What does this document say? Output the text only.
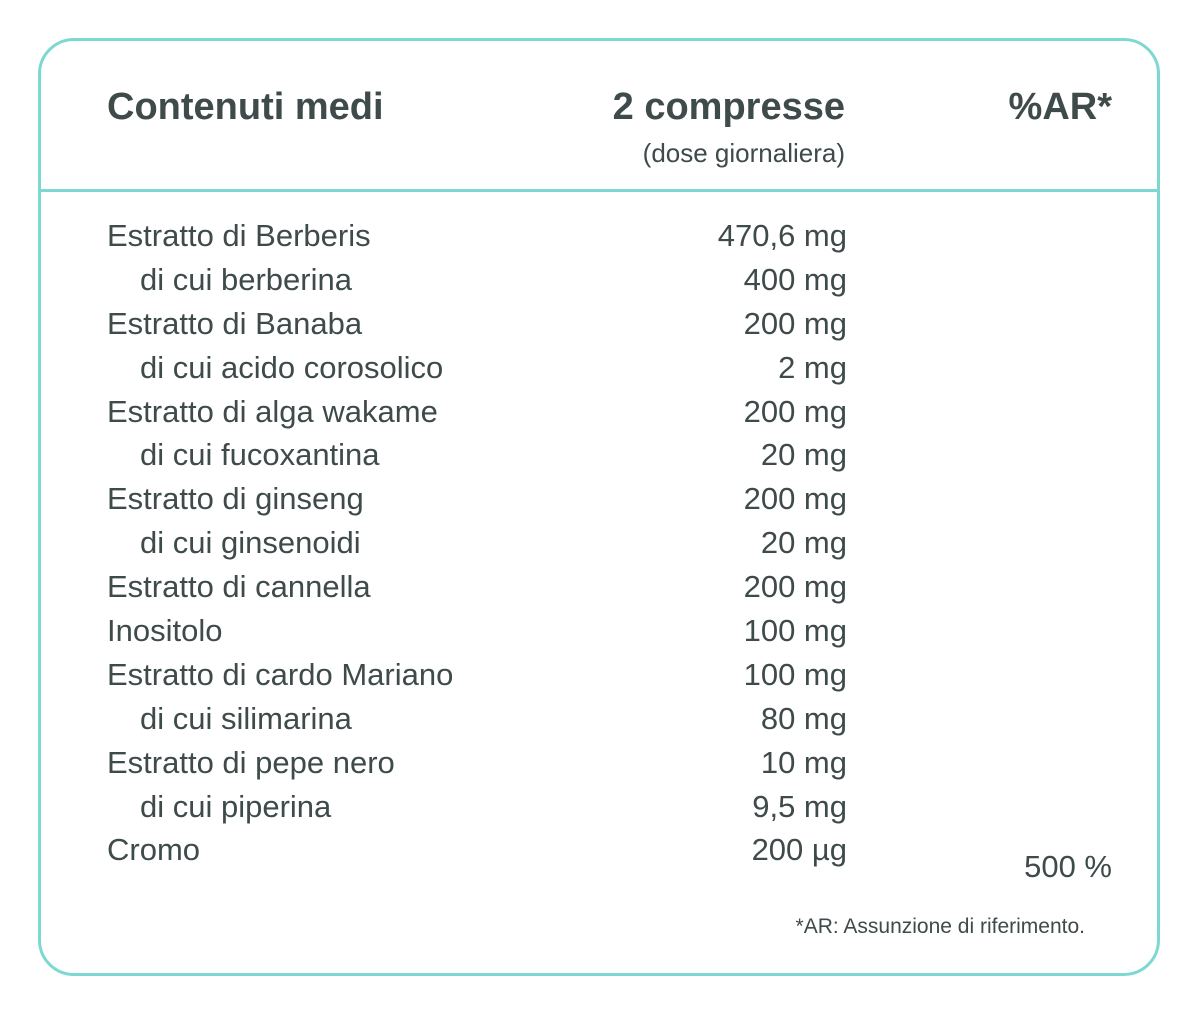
Contenuti medi	2 compresse	%AR*
(dose giornaliera)
Estratto di Berberis	470,6 mg
di cui berberina	400 mg
Estratto di Banaba	200 mg
di cui acido corosolico	2 mg
Estratto di alga wakame	200 mg
di cui fucoxantina	20 mg
Estratto di ginseng	200 mg
di cui ginsenoidi	20 mg
Estratto di cannella	200 mg
Inositolo	100 mg
Estratto di cardo Mariano	100 mg
di cui silimarina	80 mg
Estratto di pepe nero	10 mg
di cui piperina	9,5 mg
Cromo	200 µg	500 %
*AR: Assunzione di riferimento.
